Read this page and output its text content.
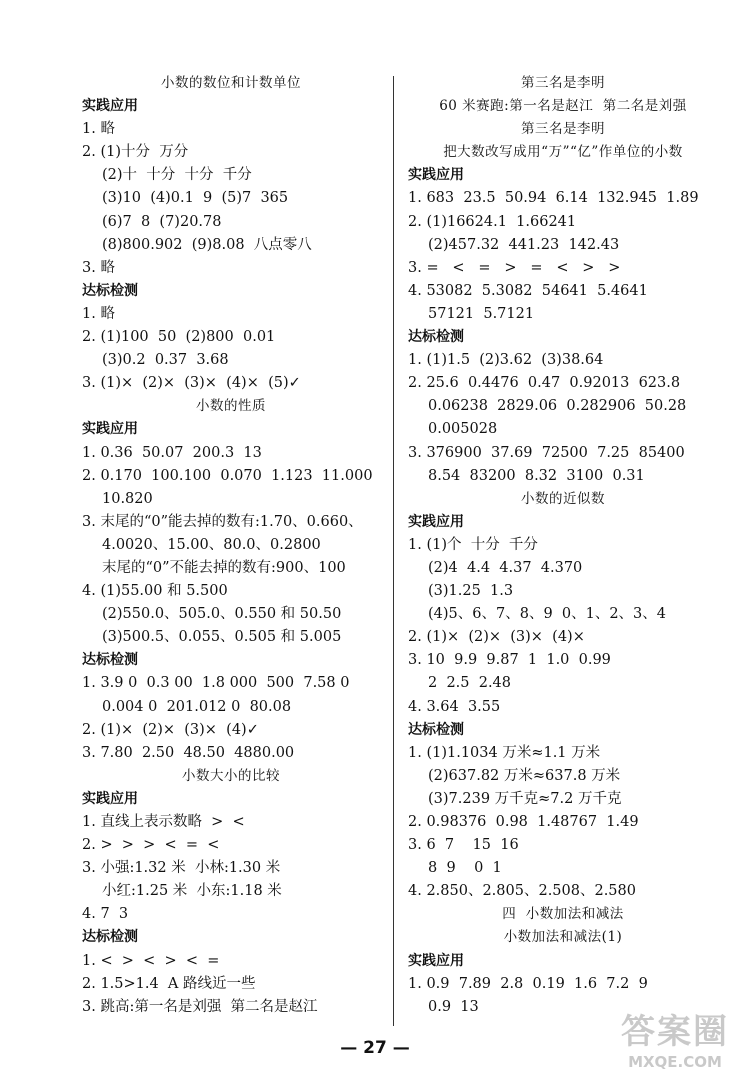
小数的数位和计数单位
实践应用
1. 略
2. (1)十分  万分
(2)十  十分  十分  千分
(3)10  (4)0.1  9  (5)7  365
(6)7  8  (7)20.78
(8)800.902  (9)8.08  八点零八
3. 略
达标检测
1. 略
2. (1)100  50  (2)800  0.01
(3)0.2  0.37  3.68
3. (1)×  (2)×  (3)×  (4)×  (5)✓
小数的性质
实践应用
1. 0.36  50.07  200.3  13
2. 0.170  100.100  0.070  1.123  11.000
10.820
3. 末尾的“0”能去掉的数有:1.70、0.660、
4.0020、15.00、80.0、0.2800
末尾的“0”不能去掉的数有:900、100
4. (1)55.00 和 5.500
(2)550.0、505.0、0.550 和 50.50
(3)500.5、0.055、0.505 和 5.005
达标检测
1. 3.9 0  0.3 00  1.8 000  500  7.58 0
0.004 0  201.012 0  80.08
2. (1)×  (2)×  (3)×  (4)✓
3. 7.80  2.50  48.50  4880.00
小数大小的比较
实践应用
1. 直线上表示数略  >  <
2. >  >  >  <  =  <
3. 小强:1.32 米  小林:1.30 米
小红:1.25 米  小东:1.18 米
4. 7  3
达标检测
1. <  >  <  >  <  =
2. 1.5>1.4  A 路线近一些
3. 跳高:第一名是刘强  第二名是赵江
第三名是李明
60 米赛跑:第一名是赵江  第二名是刘强
第三名是李明
把大数改写成用“万”“亿”作单位的小数
实践应用
1. 683  23.5  50.94  6.14  132.945  1.89
2. (1)16624.1  1.66241
(2)457.32  441.23  142.43
3. =   <   =   >   =   <   >   >
4. 53082  5.3082  54641  5.4641
57121  5.7121
达标检测
1. (1)1.5  (2)3.62  (3)38.64
2. 25.6  0.4476  0.47  0.92013  623.8
0.06238  2829.06  0.282906  50.28
0.005028
3. 376900  37.69  72500  7.25  85400
8.54  83200  8.32  3100  0.31
小数的近似数
实践应用
1. (1)个  十分  千分
(2)4  4.4  4.37  4.370
(3)1.25  1.3
(4)5、6、7、8、9  0、1、2、3、4
2. (1)×  (2)×  (3)×  (4)×
3. 10  9.9  9.87  1  1.0  0.99
2  2.5  2.48
4. 3.64  3.55
达标检测
1. (1)1.1034 万米≈1.1 万米
(2)637.82 万米≈637.8 万米
(3)7.239 万千克≈7.2 万千克
2. 0.98376  0.98  1.48767  1.49
3. 6  7    15  16
8  9    0  1
4. 2.850、2.805、2.508、2.580
四  小数加法和减法
小数加法和减法(1)
实践应用
1. 0.9  7.89  2.8  0.19  1.6  7.2  9
0.9  13
— 27 —	答案圈
MXQE.COM
